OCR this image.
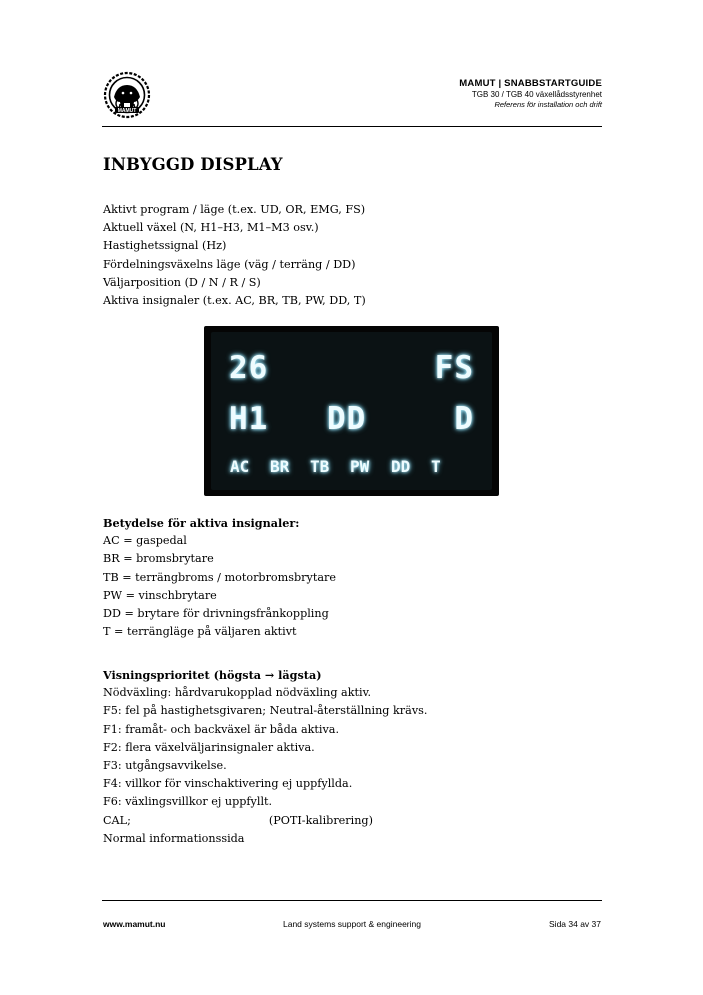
MAMUT
MAMUT | SNABBSTARTGUIDE
TGB 30 / TGB 40 växellådsstyrenhet
Referens för installation och drift
INBYGGD DISPLAY
Aktivt program / läge (t.ex. UD, OR, EMG, FS)
Aktuell växel (N, H1–H3, M1–M3 osv.)
Hastighetssignal (Hz)
Fördelningsväxelns läge (väg / terräng / DD)
Väljarposition (D / N / R / S)
Aktiva insignaler (t.ex. AC, BR, TB, PW, DD, T)
26	FS
H1 DD	D
AC BR TB PW DD T
Betydelse för aktiva insignaler:
AC = gaspedal
BR = bromsbrytare
TB = terrängbroms / motorbromsbrytare
PW = vinschbrytare
DD = brytare för drivningsfrånkoppling
T = terrängläge på väljaren aktivt
Visningsprioritet (högsta → lägsta)
Nödväxling: hårdvarukopplad nödväxling aktiv.
F5: fel på hastighetsgivaren; Neutral-återställning krävs.
F1: framåt- och backväxel är båda aktiva.
F2: flera växelväljarinsignaler aktiva.
F3: utgångsavvikelse.
F4: villkor för vinschaktivering ej uppfyllda.
F6: växlingsvillkor ej uppfyllt.
CAL;	(POTI-kalibrering)
Normal informationssida
www.mamut.nu	Land systems support & engineering	Sida 34 av 37
